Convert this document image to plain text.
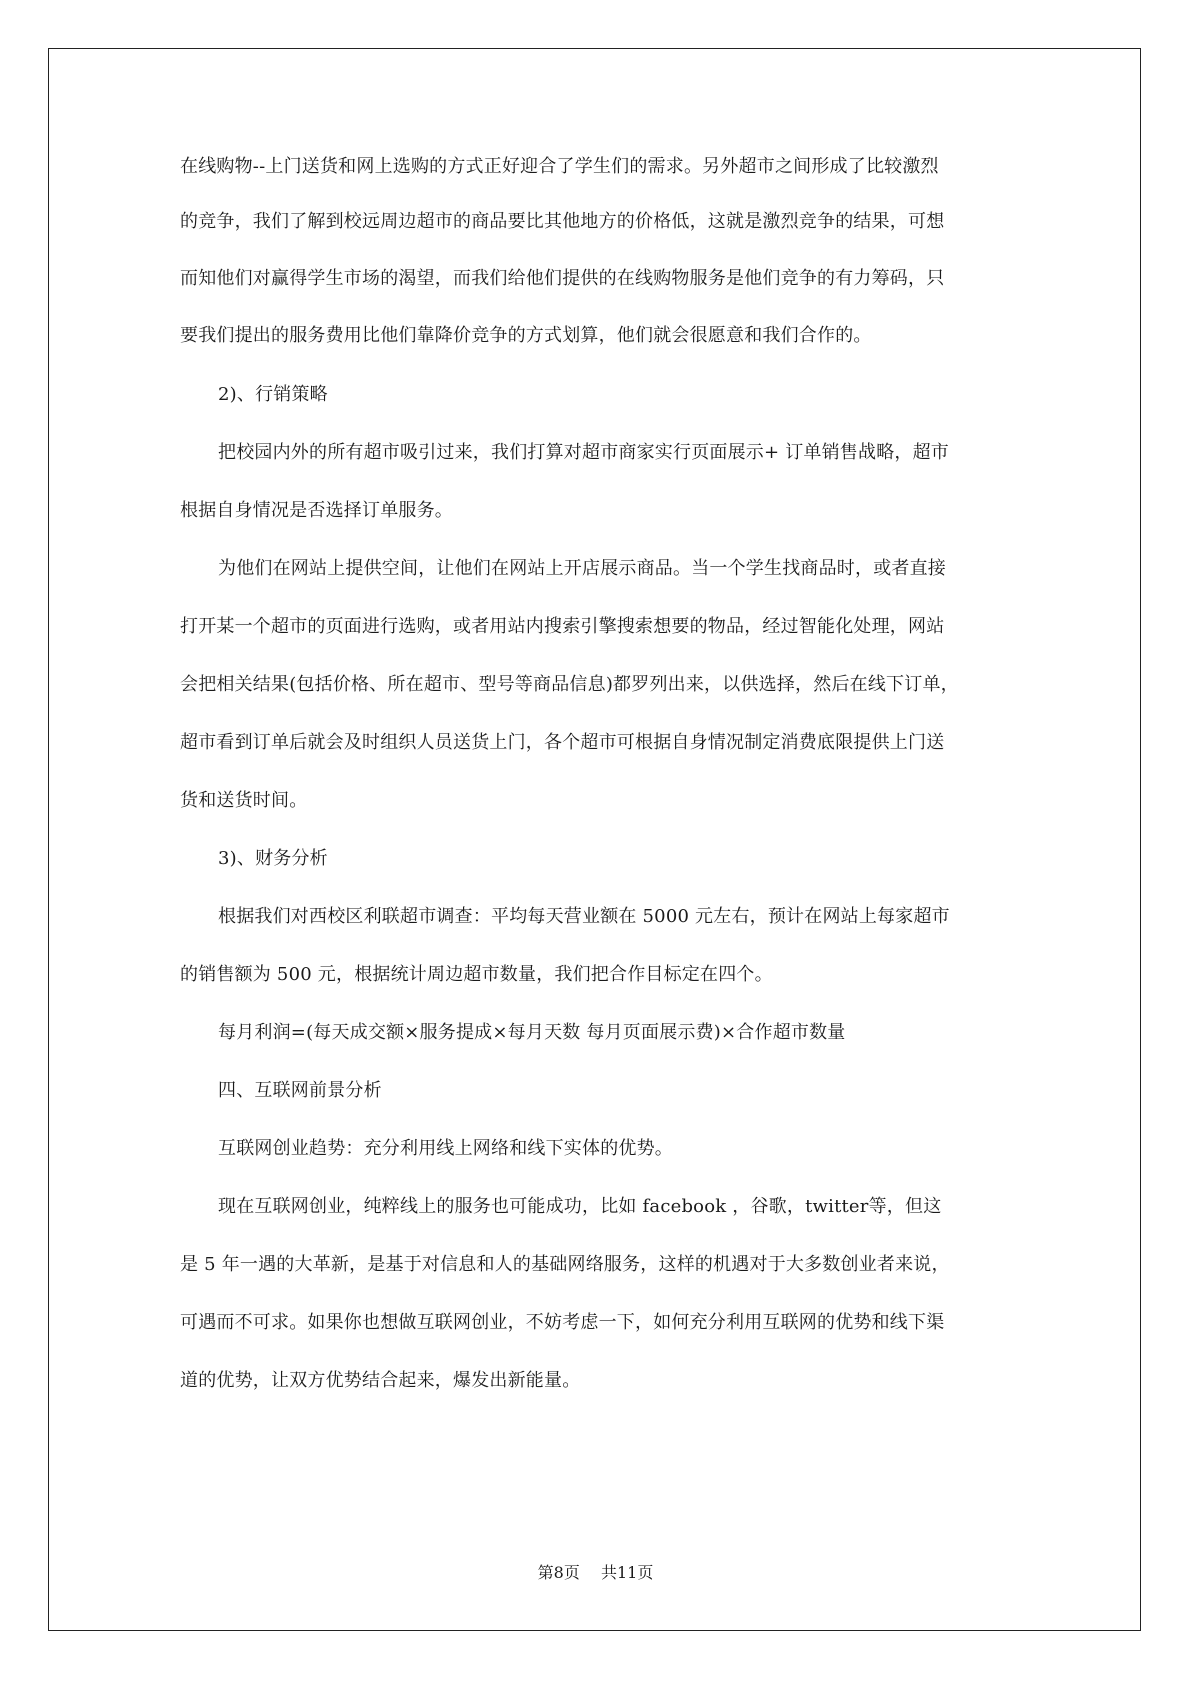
在线购物--上门送货和网上选购的方式正好迎合了学生们的需求。另外超市之间形成了比较激烈
的竞争，我们了解到校远周边超市的商品要比其他地方的价格低，这就是激烈竞争的结果，可想
而知他们对赢得学生市场的渴望，而我们给他们提供的在线购物服务是他们竞争的有力筹码，只
要我们提出的服务费用比他们靠降价竞争的方式划算，他们就会很愿意和我们合作的。
2)、行销策略
把校园内外的所有超市吸引过来，我们打算对超市商家实行页面展示+ 订单销售战略，超市
根据自身情况是否选择订单服务。
为他们在网站上提供空间，让他们在网站上开店展示商品。当一个学生找商品时，或者直接
打开某一个超市的页面进行选购，或者用站内搜索引擎搜索想要的物品，经过智能化处理，网站
会把相关结果(包括价格、所在超市、型号等商品信息)都罗列出来，以供选择，然后在线下订单，
超市看到订单后就会及时组织人员送货上门，各个超市可根据自身情况制定消费底限提供上门送
货和送货时间。
3)、财务分析
根据我们对西校区利联超市调查：平均每天营业额在 5000 元左右，预计在网站上每家超市
的销售额为 500 元，根据统计周边超市数量，我们把合作目标定在四个。
每月利润=(每天成交额×服务提成×每月天数 每月页面展示费)×合作超市数量
四、互联网前景分析
互联网创业趋势：充分利用线上网络和线下实体的优势。
现在互联网创业，纯粹线上的服务也可能成功，比如 facebook ，谷歌，twitter等，但这
是 5 年一遇的大革新，是基于对信息和人的基础网络服务，这样的机遇对于大多数创业者来说，
可遇而不可求。如果你也想做互联网创业，不妨考虑一下，如何充分利用互联网的优势和线下渠
道的优势，让双方优势结合起来，爆发出新能量。
第8页 共11页
